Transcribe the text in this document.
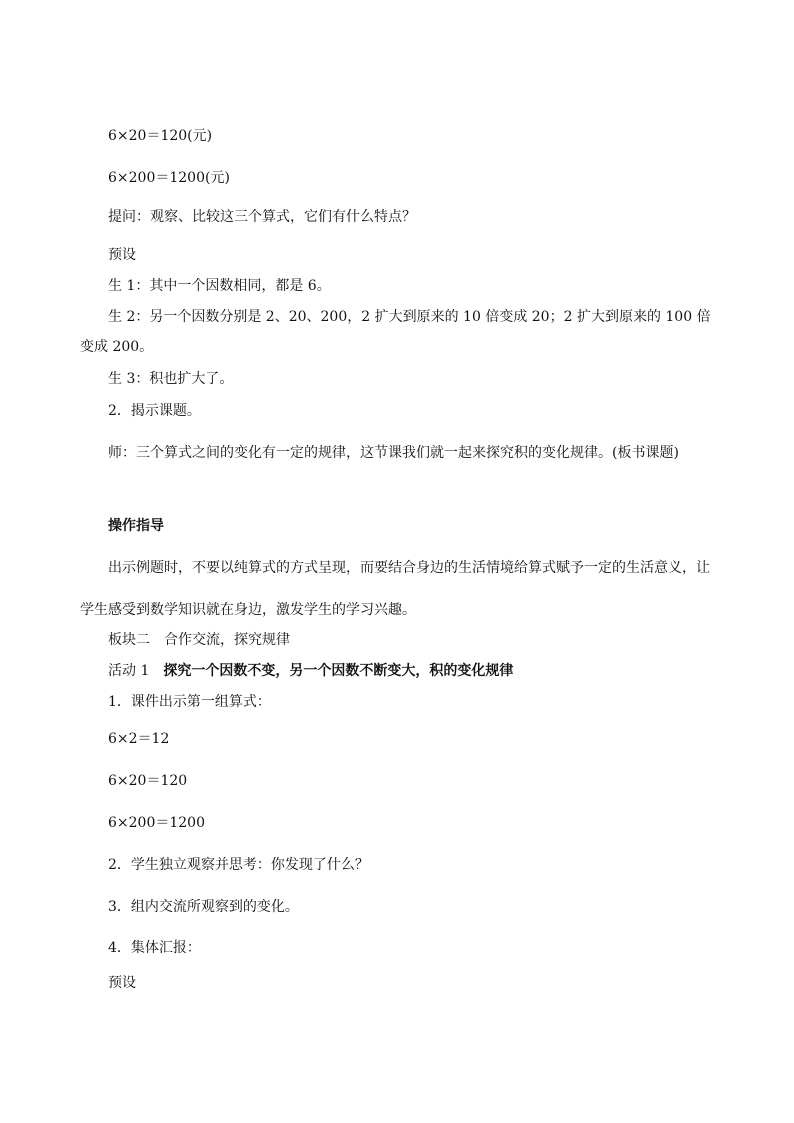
6×20＝120(元)
6×200＝1200(元)
提问：观察、比较这三个算式，它们有什么特点？
预设
生 1：其中一个因数相同，都是 6。
生 2：另一个因数分别是 2、20、200，2 扩大到原来的 10 倍变成 20；2 扩大到原来的 100 倍变成 200。
生 3：积也扩大了。
2．揭示课题。
师：三个算式之间的变化有一定的规律，这节课我们就一起来探究积的变化规律。(板书课题)
操作指导
出示例题时，不要以纯算式的方式呈现，而要结合身边的生活情境给算式赋予一定的生活意义，让学生感受到数学知识就在身边，激发学生的学习兴趣。
板块二 合作交流，探究规律
活动 1 探究一个因数不变，另一个因数不断变大，积的变化规律
1．课件出示第一组算式：
6×2＝12
6×20＝120
6×200＝1200
2．学生独立观察并思考：你发现了什么？
3．组内交流所观察到的变化。
4．集体汇报：
预设
